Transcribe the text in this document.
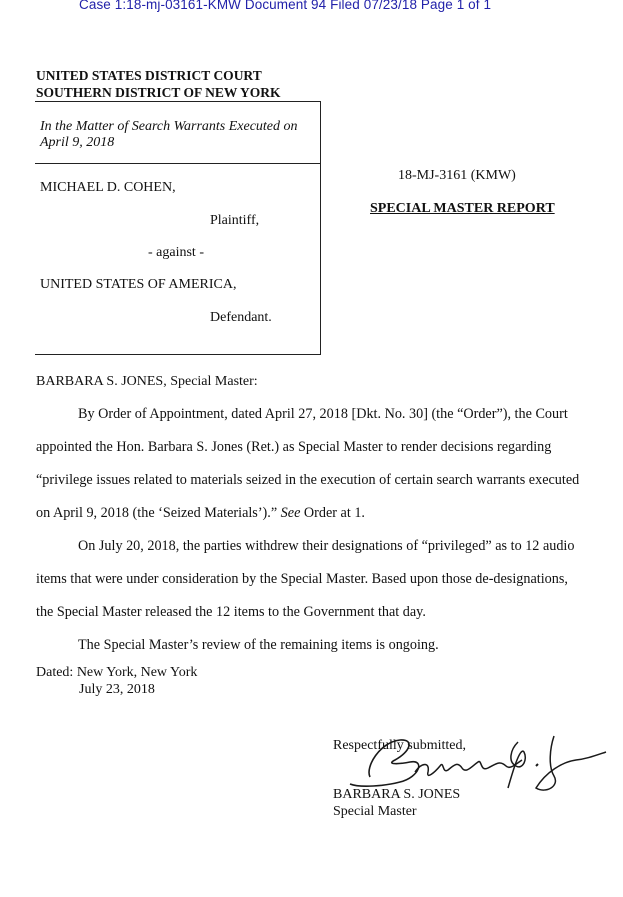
Case 1:18-mj-03161-KMW Document 94 Filed 07/23/18 Page 1 of 1
UNITED STATES DISTRICT COURT
SOUTHERN DISTRICT OF NEW YORK
In the Matter of Search Warrants Executed on
April 9, 2018
MICHAEL D. COHEN,
Plaintiff,
- against -
UNITED STATES OF AMERICA,
Defendant.
18-MJ-3161 (KMW)
SPECIAL MASTER REPORT
BARBARA S. JONES, Special Master:
By Order of Appointment, dated April 27, 2018 [Dkt. No. 30] (the “Order”), the Court
appointed the Hon. Barbara S. Jones (Ret.) as Special Master to render decisions regarding
“privilege issues related to materials seized in the execution of certain search warrants executed
on April 9, 2018 (the ‘Seized Materials’).” See Order at 1.
On July 20, 2018, the parties withdrew their designations of “privileged” as to 12 audio
items that were under consideration by the Special Master. Based upon those de-designations,
the Special Master released the 12 items to the Government that day.
The Special Master’s review of the remaining items is ongoing.
Dated: New York, New York
July 23, 2018
Respectfully submitted,
BARBARA S. JONES
Special Master
